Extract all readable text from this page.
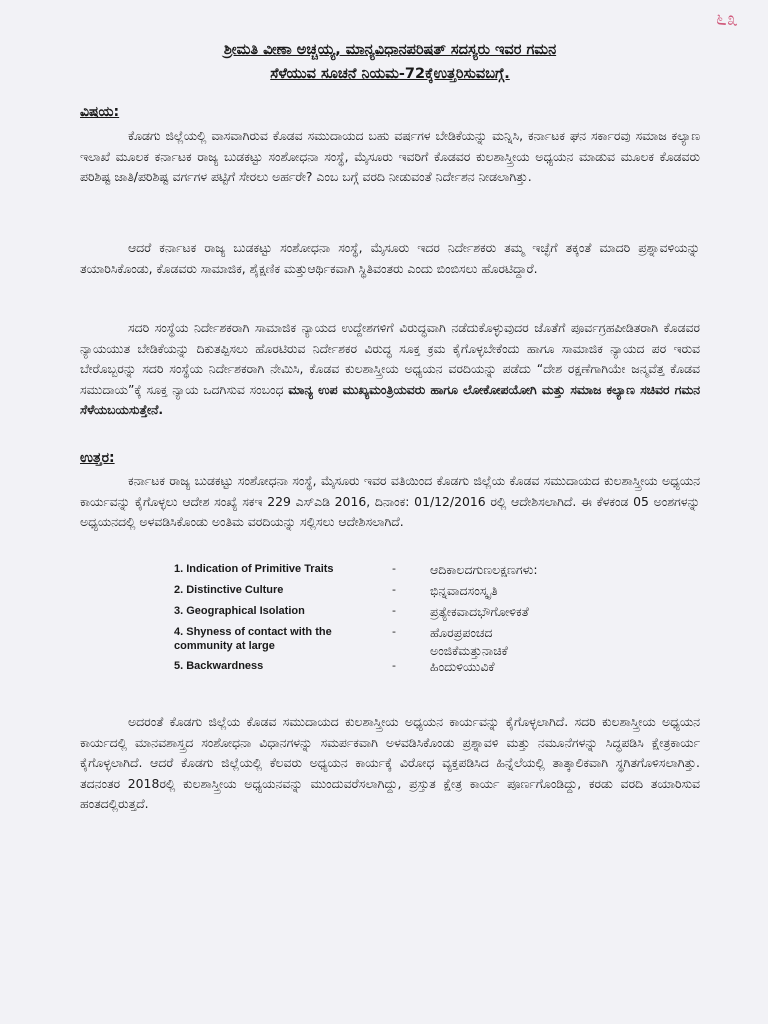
೬೩
ಶ್ರೀಮತಿ ವೀಣಾ ಅಚ್ಚಯ್ಯ, ಮಾನ್ಯವಿಧಾನಪರಿಷತ್ ಸದಸ್ಯರು ಇವರ ಗಮನ
ಸೆಳೆಯುವ ಸೂಚನೆ ನಿಯಮ-72ಕ್ಕೆಉತ್ತರಿಸುವಬಗ್ಗೆ.
ವಿಷಯ:
ಕೊಡಗು ಜಿಲ್ಲೆಯಲ್ಲಿ ವಾಸವಾಗಿರುವ ಕೊಡವ ಸಮುದಾಯದ ಬಹು ವರ್ಷಗಳ ಬೇಡಿಕೆಯನ್ನು ಮನ್ನಿಸಿ, ಕರ್ನಾಟಕ ಘನ ಸರ್ಕಾರವು ಸಮಾಜ ಕಲ್ಯಾಣ ಇಲಾಖೆ ಮೂಲಕ ಕರ್ನಾಟಕ ರಾಜ್ಯ ಬುಡಕಟ್ಟು ಸಂಶೋಧನಾ ಸಂಸ್ಥೆ, ಮೈಸೂರು ಇವರಿಗೆ ಕೊಡವರ ಕುಲಶಾಸ್ತ್ರೀಯ ಅಧ್ಯಯನ ಮಾಡುವ ಮೂಲಕ ಕೊಡವರು ಪರಿಶಿಷ್ಟ ಜಾತಿ/ಪರಿಶಿಷ್ಟ ವರ್ಗಗಳ ಪಟ್ಟಿಗೆ ಸೇರಲು ಅರ್ಹರೇ? ಎಂಬ ಬಗ್ಗೆ ವರದಿ ನೀಡುವಂತೆ ನಿರ್ದೇಶನ ನೀಡಲಾಗಿತ್ತು.
ಆದರೆ ಕರ್ನಾಟಕ ರಾಜ್ಯ ಬುಡಕಟ್ಟು ಸಂಶೋಧನಾ ಸಂಸ್ಥೆ, ಮೈಸೂರು ಇದರ ನಿರ್ದೇಶಕರು ತಮ್ಮ ಇಚ್ಛೆಗೆ ತಕ್ಕಂತೆ ಮಾದರಿ ಪ್ರಶ್ನಾವಳಿಯನ್ನು ತಯಾರಿಸಿಕೊಂಡು, ಕೊಡವರು ಸಾಮಾಜಿಕ, ಶೈಕ್ಷಣಿಕ ಮತ್ತುಆರ್ಥಿಕವಾಗಿ ಸ್ಥಿತಿವಂತರು ಎಂದು ಬಿಂಬಿಸಲು ಹೊರಟಿದ್ದಾರೆ.
ಸದರಿ ಸಂಸ್ಥೆಯ ನಿರ್ದೇಶಕರಾಗಿ ಸಾಮಾಜಿಕ ನ್ಯಾಯದ ಉದ್ದೇಶಗಳಿಗೆ ವಿರುದ್ಧವಾಗಿ ನಡೆದುಕೊಳ್ಳುವುದರ ಜೊತೆಗೆ ಪೂರ್ವಗ್ರಹಪೀಡಿತರಾಗಿ ಕೊಡವರ ನ್ಯಾಯಯುತ ಬೇಡಿಕೆಯನ್ನು ದಿಕುತಪ್ಪಿಸಲು ಹೊರಟಿರುವ ನಿರ್ದೇಶಕರ ವಿರುದ್ಧ ಸೂಕ್ತ ಕ್ರಮ ಕೈಗೊಳ್ಳಬೇಕೆಂದು ಹಾಗೂ ಸಾಮಾಜಿಕ ನ್ಯಾಯದ ಪರ ಇರುವ ಬೇರೊಬ್ಬರನ್ನು ಸದರಿ ಸಂಸ್ಥೆಯ ನಿರ್ದೇಶಕರಾಗಿ ನೇಮಿಸಿ, ಕೊಡವ ಕುಲಶಾಸ್ತ್ರೀಯ ಅಧ್ಯಯನ ವರದಿಯನ್ನು ಪಡೆದು “ದೇಶ ರಕ್ಷಣೆಗಾಗಿಯೇ ಜನ್ಮವೆತ್ತ ಕೊಡವ ಸಮುದಾಯ”ಕ್ಕೆ ಸೂಕ್ತ ನ್ಯಾಯ ಒದಗಿಸುವ ಸಂಬಂಧ ಮಾನ್ಯ ಉಪ ಮುಖ್ಯಮಂತ್ರಿಯವರು ಹಾಗೂ ಲೋಕೋಪಯೋಗಿ ಮತ್ತು ಸಮಾಜ ಕಲ್ಯಾಣ ಸಚಿವರ ಗಮನ ಸೆಳೆಯಬಯಸುತ್ತೇನೆ.
ಉತ್ತರ:
ಕರ್ನಾಟಕ ರಾಜ್ಯ ಬುಡಕಟ್ಟು ಸಂಶೋಧನಾ ಸಂಸ್ಥೆ, ಮೈಸೂರು ಇವರ ವತಿಯಿಂದ ಕೊಡಗು ಜಿಲ್ಲೆಯ ಕೊಡವ ಸಮುದಾಯದ ಕುಲಶಾಸ್ತ್ರೀಯ ಅಧ್ಯಯನ ಕಾರ್ಯವನ್ನು ಕೈಗೊಳ್ಳಲು ಆದೇಶ ಸಂಖ್ಯೆ ಸಕಇ 229 ಎಸ್‌ಎಡಿ 2016, ದಿನಾಂಕ: 01/12/2016 ರಲ್ಲಿ ಆದೇಶಿಸಲಾಗಿದೆ. ಈ ಕೆಳಕಂಡ 05 ಅಂಶಗಳನ್ನು ಅಧ್ಯಯನದಲ್ಲಿ ಅಳವಡಿಸಿಕೊಂಡು ಅಂತಿಮ ವರದಿಯನ್ನು ಸಲ್ಲಿಸಲು ಆದೇಶಿಸಲಾಗಿದೆ.
1. Indication of Primitive Traits	-	ಆದಿಕಾಲದಗುಣಲಕ್ಷಣಗಳು:
2. Distinctive Culture	-	ಭಿನ್ನವಾದಸಂಸ್ಕೃತಿ
3. Geographical Isolation	-	ಪ್ರತ್ಯೇಕವಾದಭೌಗೋಳಿಕತೆ
4. Shyness of contact with the community at large
-	ಹೊರಪ್ರಪಂಚದ
ಅಂಜಿಕೆಮತ್ತುನಾಚಿಕೆ
5. Backwardness	-	ಹಿಂದುಳಿಯುವಿಕೆ
ಅದರಂತೆ ಕೊಡಗು ಜಿಲ್ಲೆಯ ಕೊಡವ ಸಮುದಾಯದ ಕುಲಶಾಸ್ತ್ರೀಯ ಅಧ್ಯಯನ ಕಾರ್ಯವನ್ನು ಕೈಗೊಳ್ಳಲಾಗಿದೆ. ಸದರಿ ಕುಲಶಾಸ್ತ್ರೀಯ ಅಧ್ಯಯನ ಕಾರ್ಯದಲ್ಲಿ ಮಾನವಶಾಸ್ತ್ರದ ಸಂಶೋಧನಾ ವಿಧಾನಗಳನ್ನು ಸಮರ್ಪಕವಾಗಿ ಅಳವಡಿಸಿಕೊಂಡು ಪ್ರಶ್ನಾವಳಿ ಮತ್ತು ನಮೂನೆಗಳನ್ನು ಸಿದ್ಧಪಡಿಸಿ ಕ್ಷೇತ್ರಕಾರ್ಯ ಕೈಗೊಳ್ಳಲಾಗಿದೆ. ಆದರೆ ಕೊಡಗು ಜಿಲ್ಲೆಯಲ್ಲಿ ಕೆಲವರು ಅಧ್ಯಯನ ಕಾರ್ಯಕ್ಕೆ ವಿರೋಧ ವ್ಯಕ್ತಪಡಿಸಿದ ಹಿನ್ನೆಲೆಯಲ್ಲಿ ತಾತ್ಕಾಲಿಕವಾಗಿ ಸ್ಥಗಿತಗೊಳಿಸಲಾಗಿತ್ತು. ತದನಂತರ 2018ರಲ್ಲಿ ಕುಲಶಾಸ್ತ್ರೀಯ ಅಧ್ಯಯನವನ್ನು ಮುಂದುವರೆಸಲಾಗಿದ್ದು, ಪ್ರಸ್ತುತ ಕ್ಷೇತ್ರ ಕಾರ್ಯ ಪೂರ್ಣಗೊಂಡಿದ್ದು, ಕರಡು ವರದಿ ತಯಾರಿಸುವ ಹಂತದಲ್ಲಿರುತ್ತದೆ.
